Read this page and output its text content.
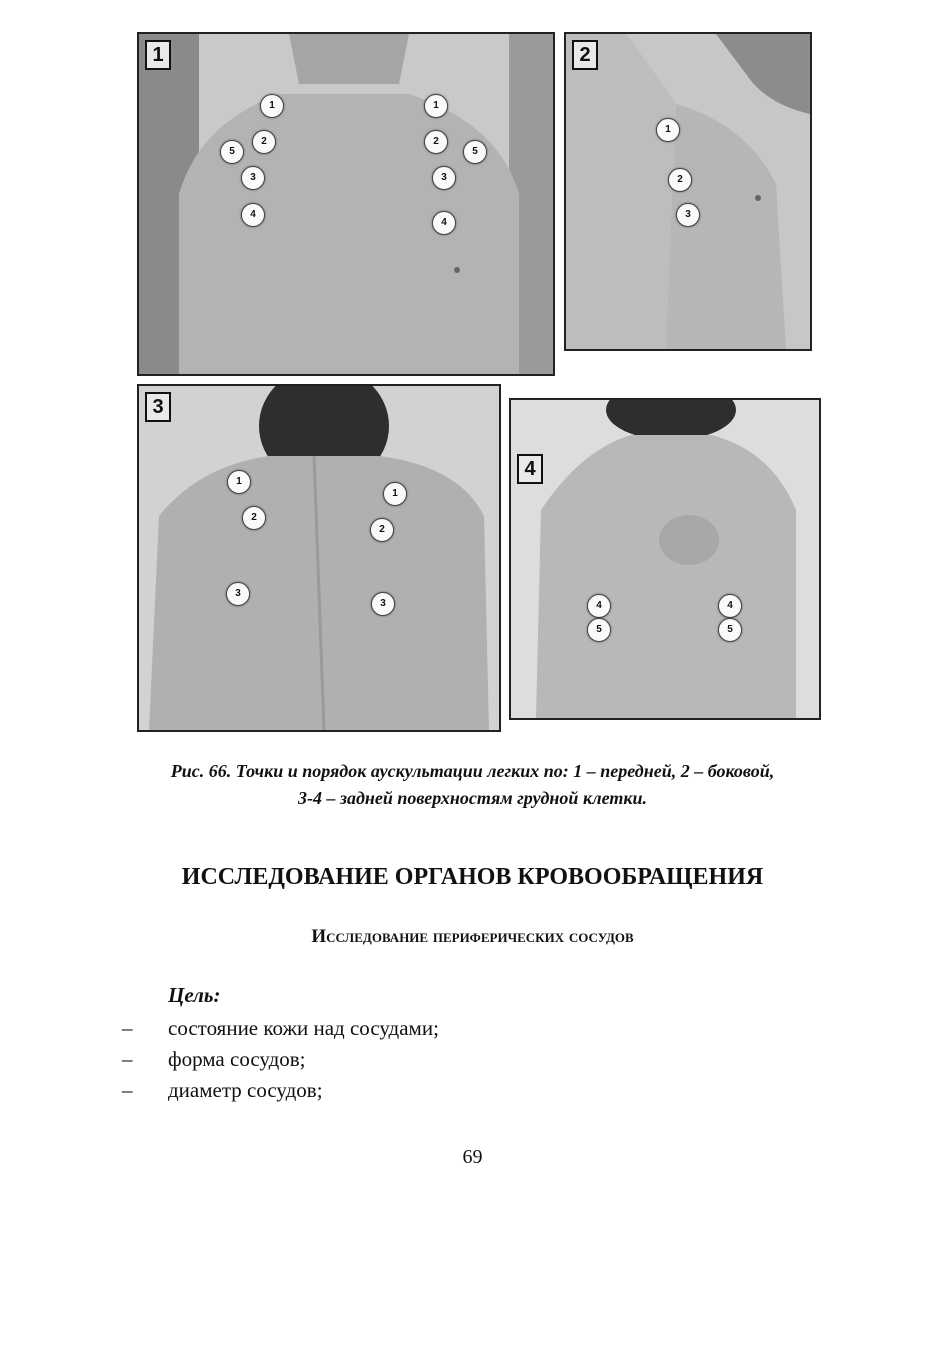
1
1
2
5
3
4
1
2
5
3
4
2
1
2
3
3
1
2
3
1
2
3
4
4
5
4
5
Рис. 66. Точки и порядок аускультации легких по: 1 – передней, 2 – боковой,
3-4 – задней поверхностям грудной клетки.
ИССЛЕДОВАНИЕ ОРГАНОВ КРОВООБРАЩЕНИЯ
Исследование периферических сосудов
Цель:
–	состояние кожи над сосудами;
–	форма сосудов;
–	диаметр сосудов;
69
